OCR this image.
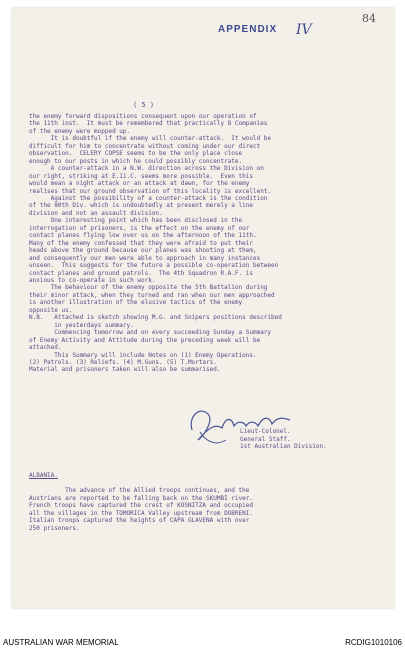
APPENDIX IV
84
( 5 )
the enemy forward dispositions consequent upon our operation of
the 11th inst.  It must be remembered that practically 8 Companies
of the enemy were mopped up.
It is doubtful if the enemy will counter-attack.  It would be
difficult for him to concentrate without coming under our direct
observation.  CELERY COPSE seems to be the only place close
enough to our posts in which he could possibly concentrate.
A counter-attack in a N.W. direction across the Division on
our right, striking at E.11.C. seems more possible.  Even this
would mean a night attack or an attack at dawn, for the enemy
realises that our ground observation of this locality is excellent.
Against the possibility of a counter-attack is the condition
of the 80th Div. which is undoubtedly at present merely a line
division and not an assault division.
One interesting point which has been disclosed in the
interrogation of prisoners, is the effect on the enemy of our
contact planes flying low over us on the afternoon of the 11th.
Many of the enemy confessed that they were afraid to put their
heads above the ground because our planes was shooting at them,
and consequently our men were able to approach in many instances
unseen.  This suggests for the future a possible co-operation between
contact planes and ground patrols.  The 4th Squadron R.A.F. is
anxious to co-operate in such work.
The behaviour of the enemy opposite the 5th Battalion during
their minor attack, when they turned and ran when our men approached
is another illustration of the elusive tactics of the enemy
opposite us.
N.B.   Attached is sketch showing M.G. and Snipers positions described
in yesterdays summary.
Commencing tomorrow and on every succeeding Sunday a Summary
of Enemy Activity and Attitude during the preceding week will be
attached.
This Summary will include Notes on (1) Enemy Operations.
(2) Patrols. (3) Reliefs. (4) M.Guns. (5) T.Mortars.
Material and prisoners taken will also be summarised.
Lieut-Colonel.
General Staff.
1st Australian Division.
ALBANIA.
The advance of the Allied troops continues, and the
Austrians are reported to be falling back on the SKUMBI river.
French troops have captured the crest of KOSNITZA and occupied
all the villages in the TOMORICA Valley upstream from DOBRENI.
Italian troops captured the heights of CAPA GLAVENA with over
250 prisoners.
AUSTRALIAN WAR MEMORIAL	RCDIG1010106
